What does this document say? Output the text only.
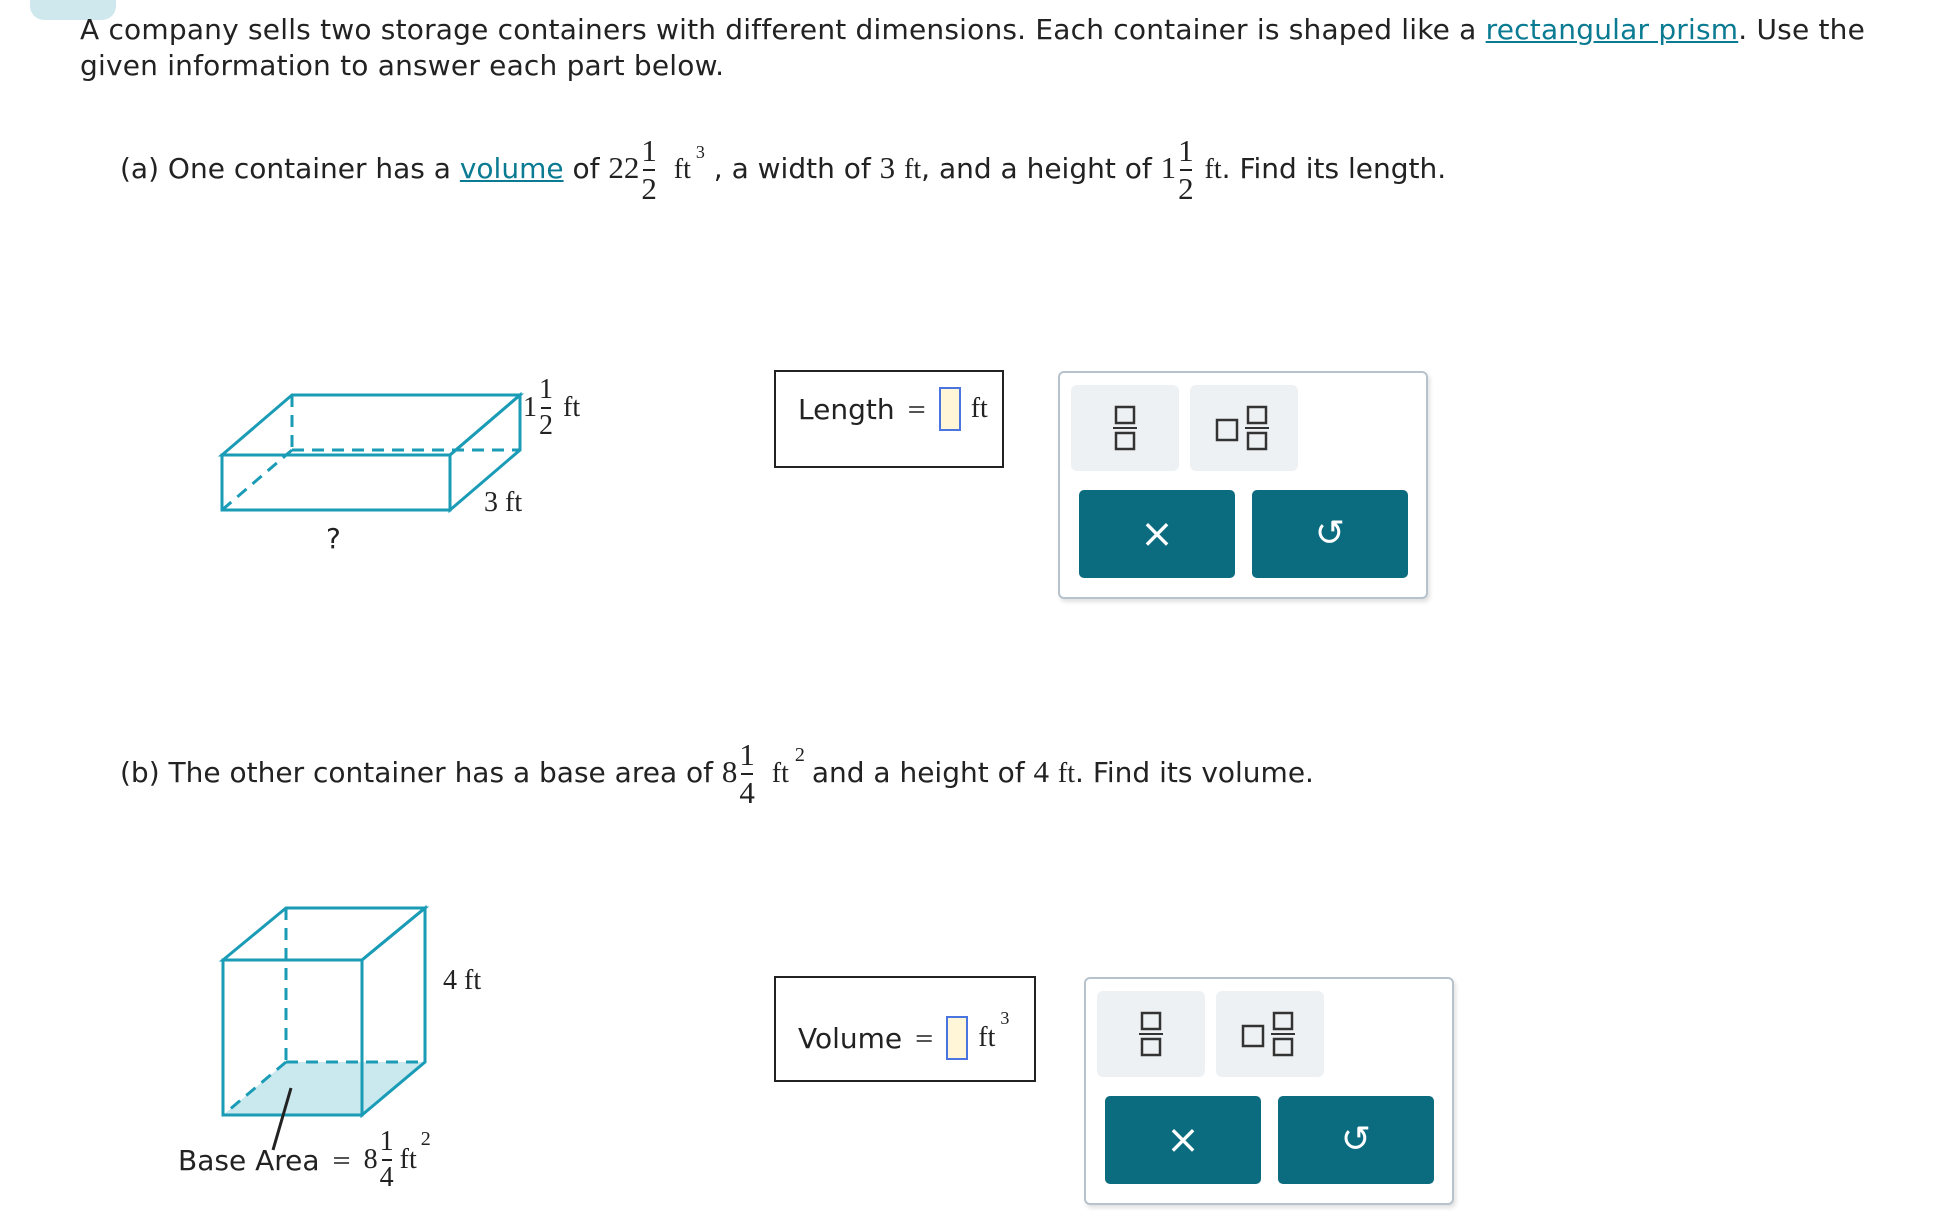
A company sells two storage containers with different dimensions. Each container is shaped like a rectangular prism. Use the given information to answer each part below.
(a) One container has a volume of $22 \frac{1}{2}$ ft
3 , a width of 3 ft, and a height of $1 \frac{1}{2}$ ft. Find its length.
$1 \frac{1}{2}$ ft
3 ft
?
Length = ft
×	↺
(b) The other container has a base area of $8 \frac{1}{4}$ ft
2
and a height of 4 ft. Find its volume.
4 ft
Base Area = $8 \frac{1}{4}$ ft
2
Volume = ft
3
×	↺
